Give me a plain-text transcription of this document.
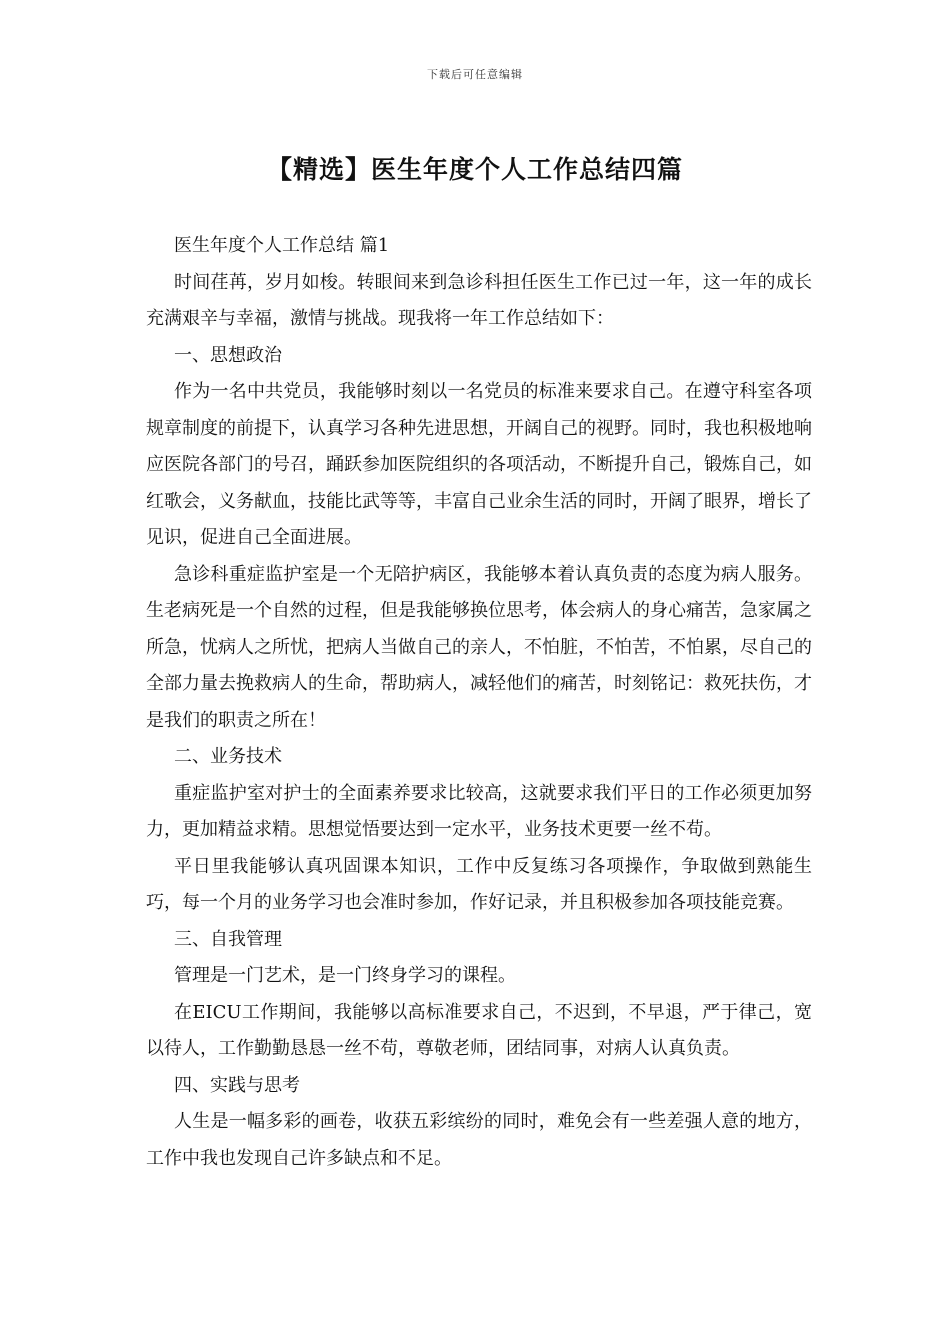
下载后可任意编辑
【精选】医生年度个人工作总结四篇

医生年度个人工作总结 篇1

时间荏苒，岁月如梭。转眼间来到急诊科担任医生工作已过一年，这一年的成长充满艰辛与幸福，激情与挑战。现我将一年工作总结如下：

一、思想政治

作为一名中共党员，我能够时刻以一名党员的标准来要求自己。在遵守科室各项规章制度的前提下，认真学习各种先进思想，开阔自己的视野。同时，我也积极地响应医院各部门的号召，踊跃参加医院组织的各项活动，不断提升自己，锻炼自己，如红歌会，义务献血，技能比武等等，丰富自己业余生活的同时，开阔了眼界，增长了见识，促进自己全面进展。

急诊科重症监护室是一个无陪护病区，我能够本着认真负责的态度为病人服务。生老病死是一个自然的过程，但是我能够换位思考，体会病人的身心痛苦，急家属之所急，忧病人之所忧，把病人当做自己的亲人，不怕脏，不怕苦，不怕累，尽自己的全部力量去挽救病人的生命，帮助病人，减轻他们的痛苦，时刻铭记：救死扶伤，才是我们的职责之所在！

二、业务技术

重症监护室对护士的全面素养要求比较高，这就要求我们平日的工作必须更加努力，更加精益求精。思想觉悟要达到一定水平，业务技术更要一丝不苟。

平日里我能够认真巩固课本知识，工作中反复练习各项操作，争取做到熟能生巧，每一个月的业务学习也会准时参加，作好记录，并且积极参加各项技能竞赛。

三、自我管理

管理是一门艺术，是一门终身学习的课程。

在EICU工作期间，我能够以高标准要求自己，不迟到，不早退，严于律己，宽以待人，工作勤勤恳恳一丝不苟，尊敬老师，团结同事，对病人认真负责。

四、实践与思考

人生是一幅多彩的画卷，收获五彩缤纷的同时，难免会有一些差强人意的地方，工作中我也发现自己许多缺点和不足。
